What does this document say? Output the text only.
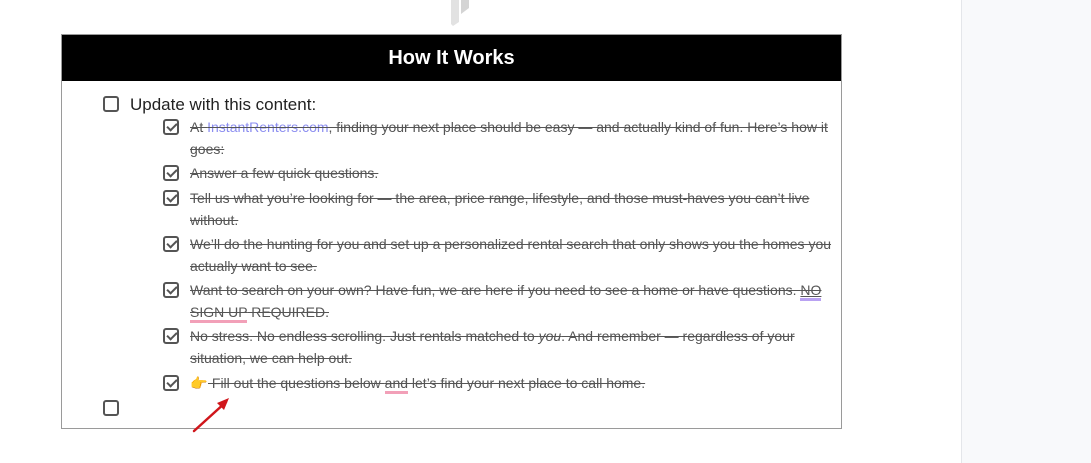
How It Works
Update with this content:
At InstantRenters.com, finding your next place should be easy — and actually kind of fun. Here’s how it goes:
Answer a few quick questions.
Tell us what you’re looking for — the area, price range, lifestyle, and those must-haves you can’t live without.
We’ll do the hunting for you and set up a personalized rental search that only shows you the homes you actually want to see.
Want to search on your own? Have fun, we are here if you need to see a home or have questions. NO SIGN UP REQUIRED.
No stress. No endless scrolling. Just rentals matched to you. And remember — regardless of your situation, we can help out.
👉 Fill out the questions below and let’s find your next place to call home.
